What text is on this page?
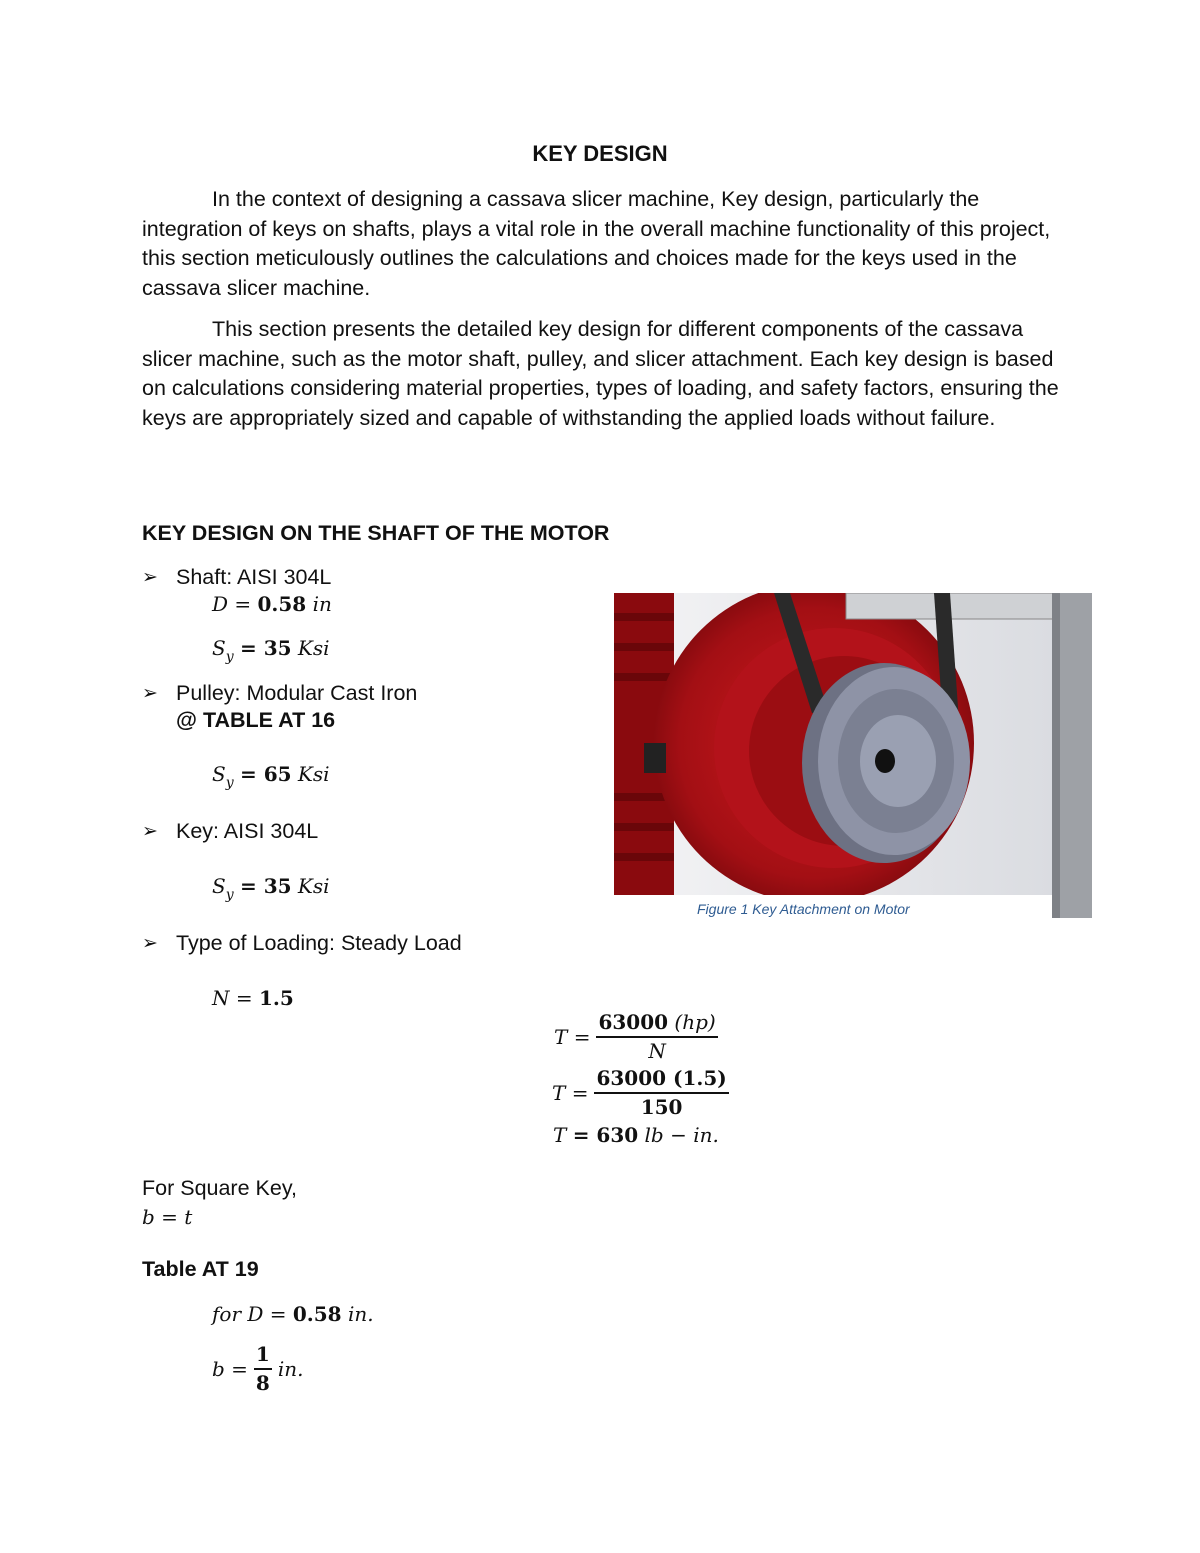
KEY DESIGN
In the context of designing a cassava slicer machine, Key design, particularly the integration of keys on shafts, plays a vital role in the overall machine functionality of this project, this section meticulously outlines the calculations and choices made for the keys used in the cassava slicer machine.
This section presents the detailed key design for different components of the cassava slicer machine, such as the motor shaft, pulley, and slicer attachment. Each key design is based on calculations considering material properties, types of loading, and safety factors, ensuring the keys are appropriately sized and capable of withstanding the applied loads without failure.
KEY DESIGN ON THE SHAFT OF THE MOTOR
➢ Shaft: AISI 304L
D = 0.58 in
$S_y = 35$ Ksi
➢ Pulley: Modular Cast Iron
@ TABLE AT 16
$S_y = 65$ Ksi
➢ Key: AISI 304L
$S_y = 35$ Ksi
➢ Type of Loading: Steady Load
N = 1.5
$T = \frac{63000 (hp)}{N}$
$T = \frac{63000 (1.5)}{150}$
T = 630 lb − in.
For Square Key,
b = t
Table AT 19
for D = 0.58 in.
$b = \frac{1}{8}$ in.
Figure 1 Key Attachment on Motor
